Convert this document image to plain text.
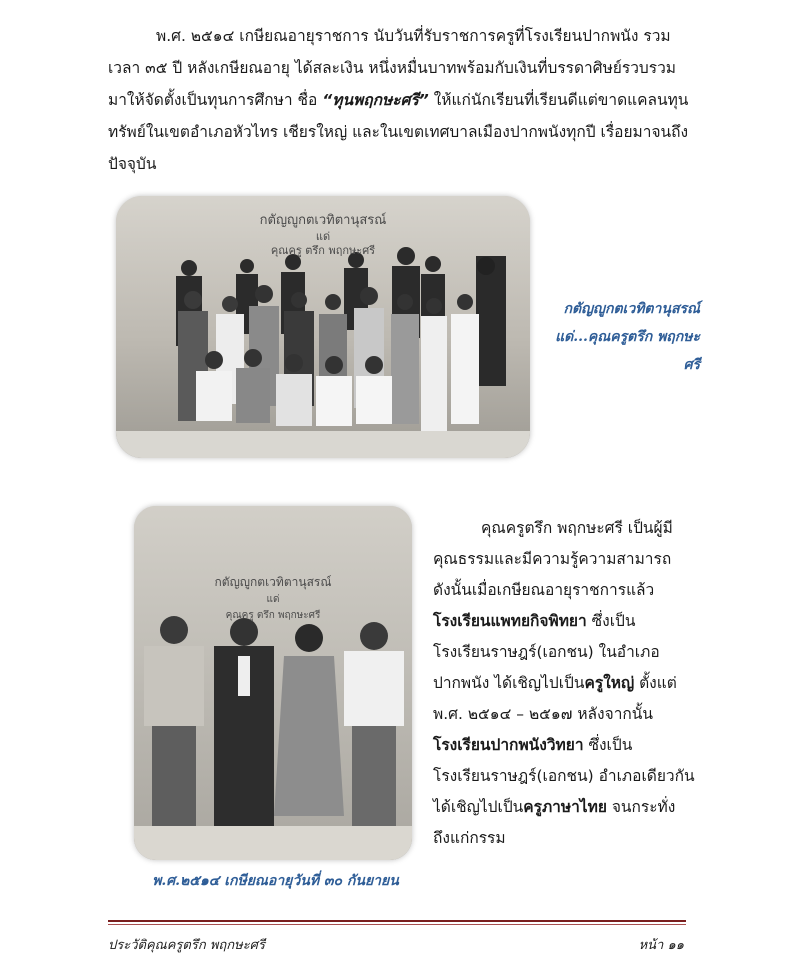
พ.ศ. ๒๕๑๔ เกษียณอายุราชการ นับวันที่รับราชการครูที่โรงเรียนปากพนัง รวม
เวลา ๓๕ ปี หลังเกษียณอายุ ได้สละเงิน หนึ่งหมื่นบาทพร้อมกับเงินที่บรรดาศิษย์รวบรวม
มาให้จัดตั้งเป็นทุนการศึกษา ชื่อ “ทุนพฤกษะศรี” ให้แก่นักเรียนที่เรียนดีแต่ขาดแคลนทุน
ทรัพย์ในเขตอำเภอหัวไทร เชียรใหญ่ และในเขตเทศบาลเมืองปากพนังทุกปี เรื่อยมาจนถึง
ปัจจุบัน
กตัญญูกตเวทิตานุสรณ์
แด่
คุณครู ตรึก พฤกษะศรี
กตัญญูกตเวทิตานุสรณ์
แด่...คุณครูตรึก พฤกษะศรี
กตัญญูกตเวทิตานุสรณ์
แด่
คุณครู ตรึก พฤกษะศรี
พ.ศ.๒๕๑๔ เกษียณอายุวันที่ ๓๐ กันยายน
คุณครูตรึก พฤกษะศรี เป็นผู้มี
คุณธรรมและมีความรู้ความสามารถ
ดังนั้นเมื่อเกษียณอายุราชการแล้ว
โรงเรียนแพทยกิจพิทยา ซึ่งเป็น
โรงเรียนราษฎร์(เอกชน) ในอำเภอ
ปากพนัง ได้เชิญไปเป็นครูใหญ่ ตั้งแต่
พ.ศ. ๒๕๑๔ – ๒๕๑๗ หลังจากนั้น
โรงเรียนปากพนังวิทยา ซึ่งเป็น
โรงเรียนราษฎร์(เอกชน) อำเภอเดียวกัน
ได้เชิญไปเป็นครูภาษาไทย จนกระทั่ง
ถึงแก่กรรม
ประวัติคุณครูตรึก พฤกษะศรี	หน้า ๑๑
